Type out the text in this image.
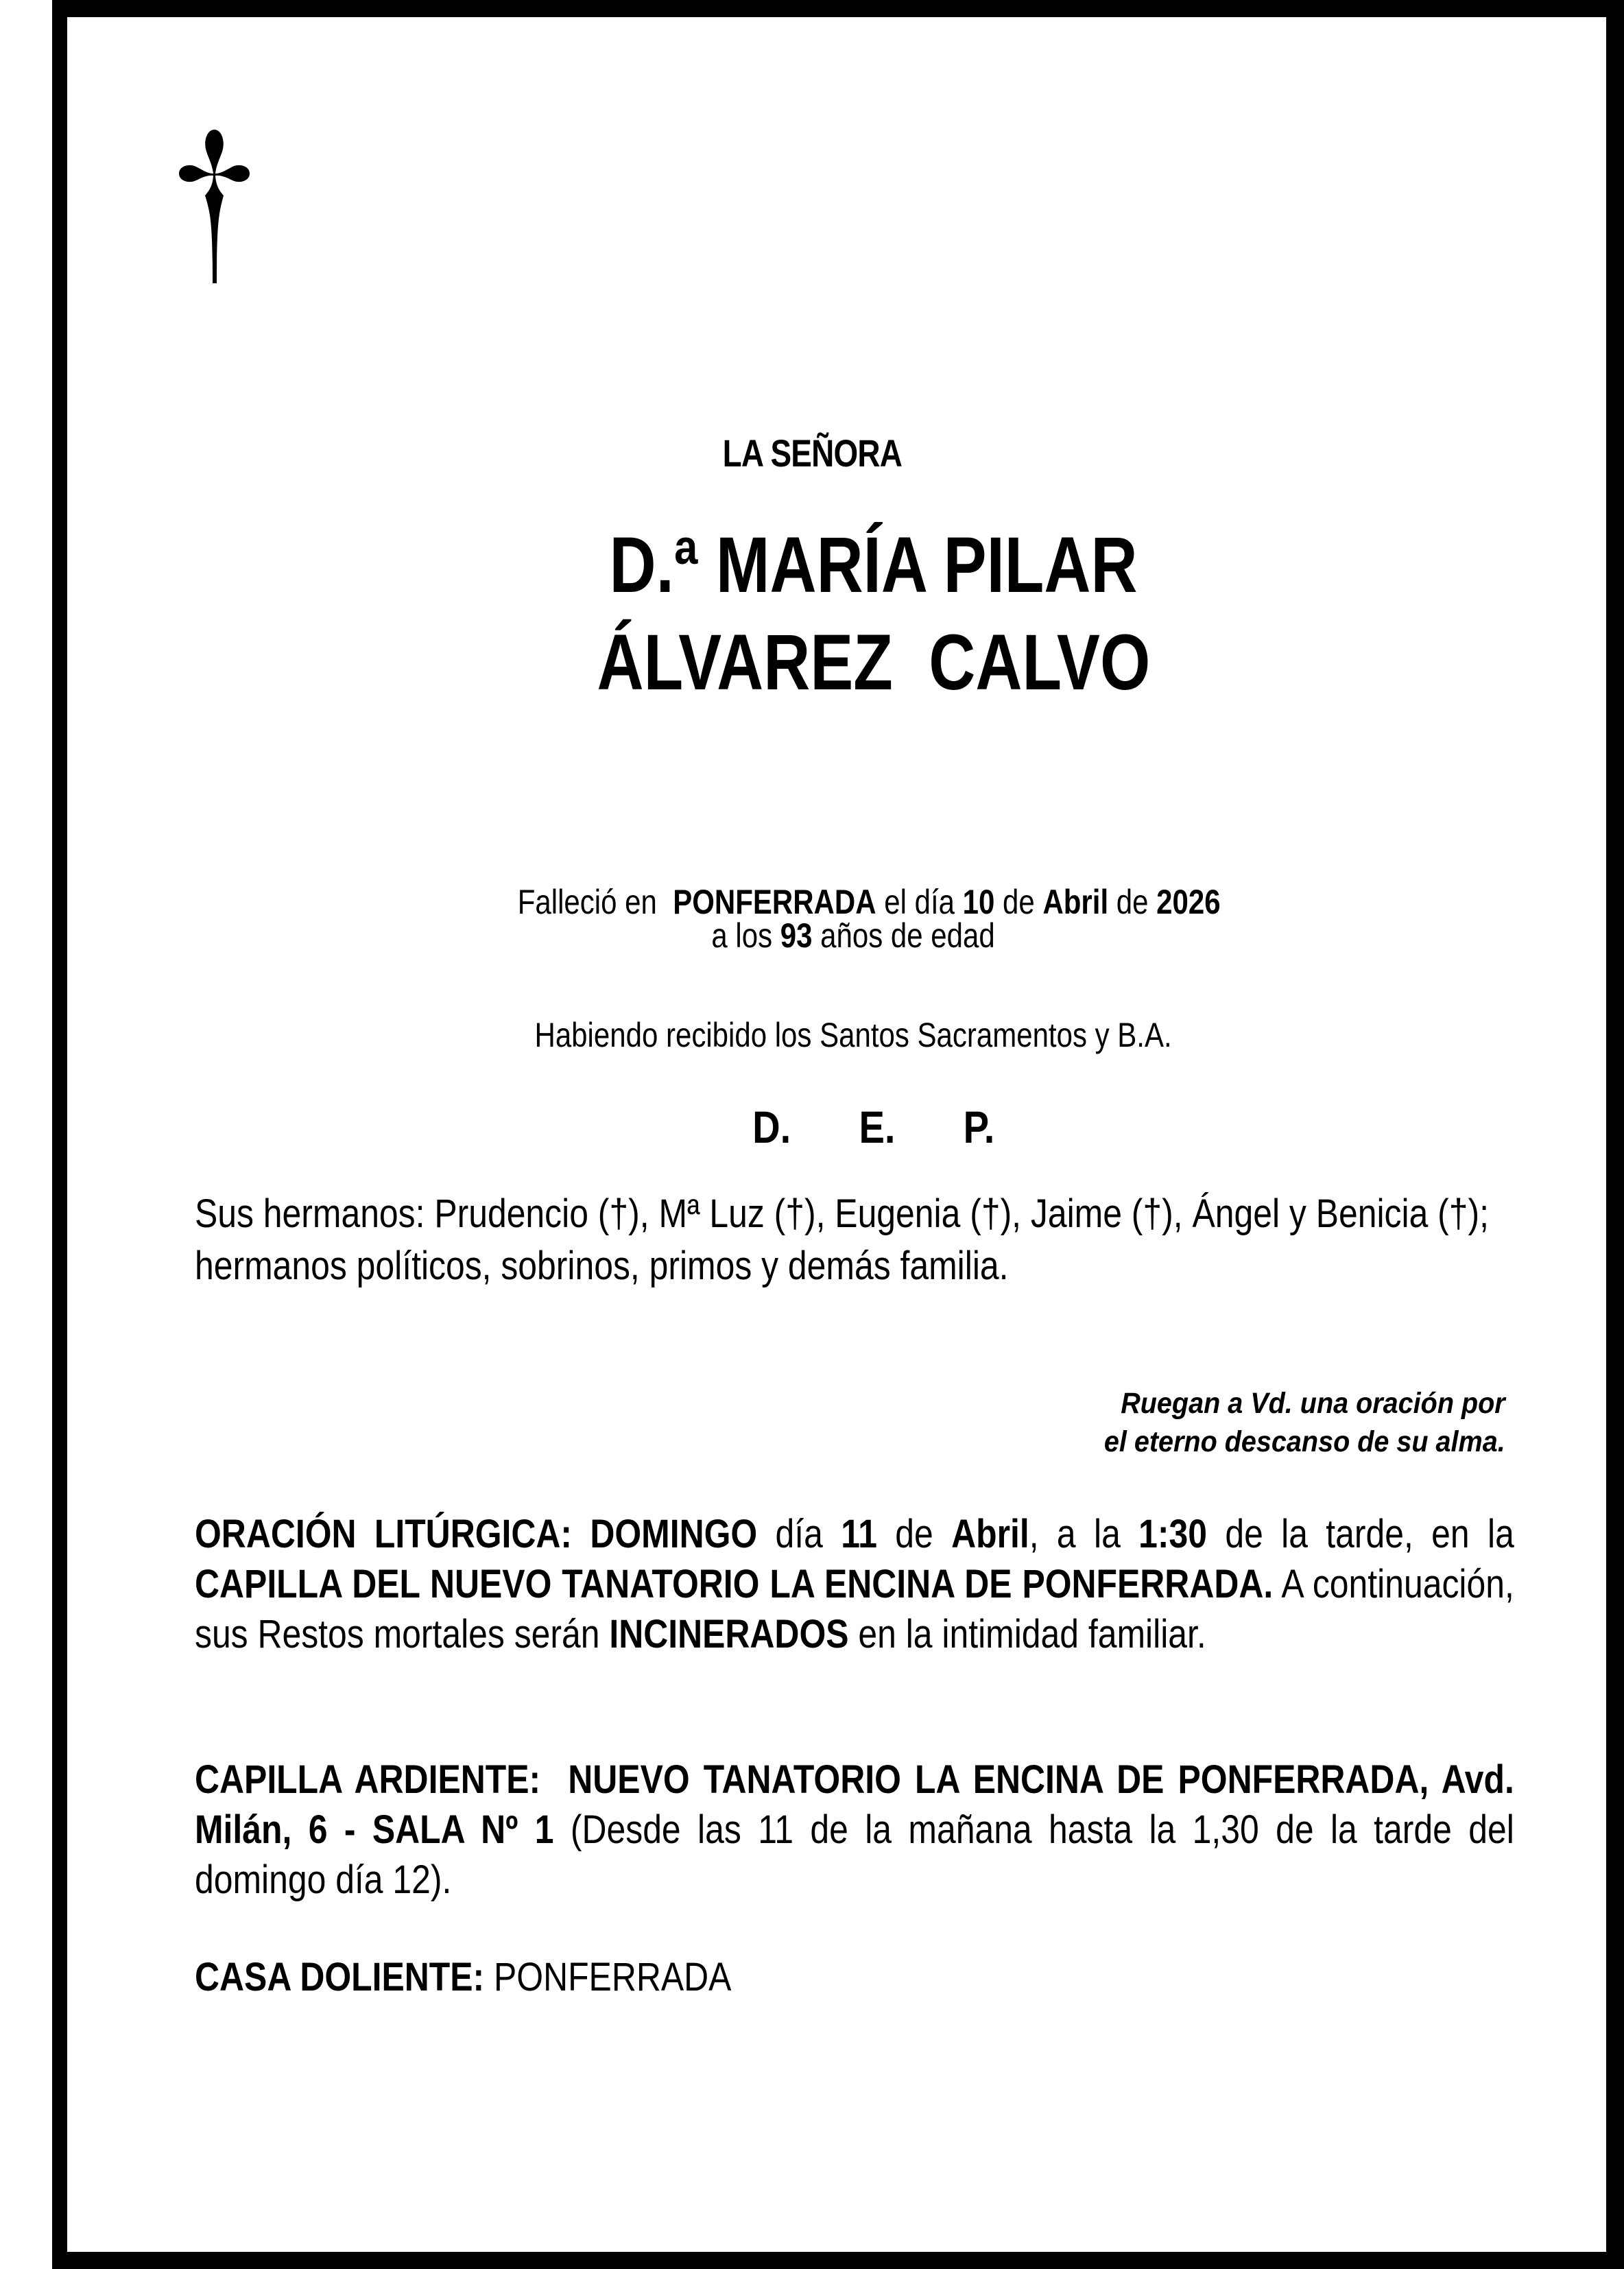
LA SEÑORA
D.ª MARÍA PILAR
ÁLVAREZ  CALVO

Falleció en  PONFERRADA el día 10 de Abril de 2026

a los 93 años de edad
Habiendo recibido los Santos Sacramentos y B.A.
D.  E.  P.
Sus hermanos: Prudencio (†), Mª Luz (†), Eugenia (†), Jaime (†), Ángel y Benicia (†); hermanos políticos, sobrinos, primos y demás familia.
Ruegan a Vd. una oración por
el eterno descanso de su alma.
ORACIÓN LITÚRGICA: DOMINGO día 11 de Abril, a la 1:30 de la tarde, en la CAPILLA DEL NUEVO TANATORIO LA ENCINA DE PONFERRADA. A continuación, sus Restos mortales serán INCINERADOS en la intimidad familiar.
CAPILLA ARDIENTE: NUEVO TANATORIO LA ENCINA DE PONFERRADA, Avd. Milán, 6 - SALA Nº 1 (Desde las 11 de la mañana hasta la 1,30 de la tarde del domingo día 12).
CASA DOLIENTE: PONFERRADA
